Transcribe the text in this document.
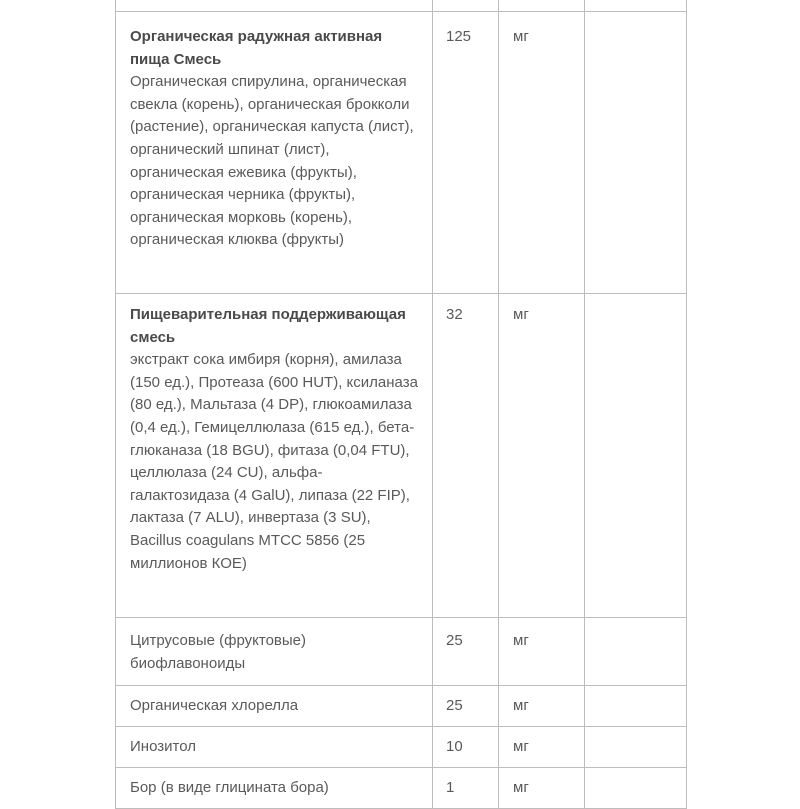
Органическая радужная активная пища Смесь
Органическая спирулина, органическая свекла (корень), органическая брокколи (растение), органическая капуста (лист), органический шпинат (лист), органическая ежевика (фрукты), органическая черника (фрукты), органическая морковь (корень), органическая клюква (фрукты)	125	мг	

Пищеварительная поддерживающая смесь
экстракт сока имбиря (корня), амилаза (150 ед.), Протеаза (600 HUT), ксиланаза (80 ед.), Мальтаза (4 DP), глюкоамилаза (0,4 ед.), Гемицеллюлаза (615 ед.), бета-глюканаза (18 BGU), фитаза (0,04 FTU), целлюлаза (24 CU), альфа-галактозидаза (4 GalU), липаза (22 FIP), лактаза (7 ALU), инвертаза (3 SU), Bacillus coagulans MTCC 5856 (25 миллионов КОЕ)	32	мг	
Цитрусовые (фруктовые) биофлавоноиды	25	мг	
Органическая хлорелла	25	мг	
Инозитол	10	мг	
Бор (в виде глицината бора)	1	мг	
